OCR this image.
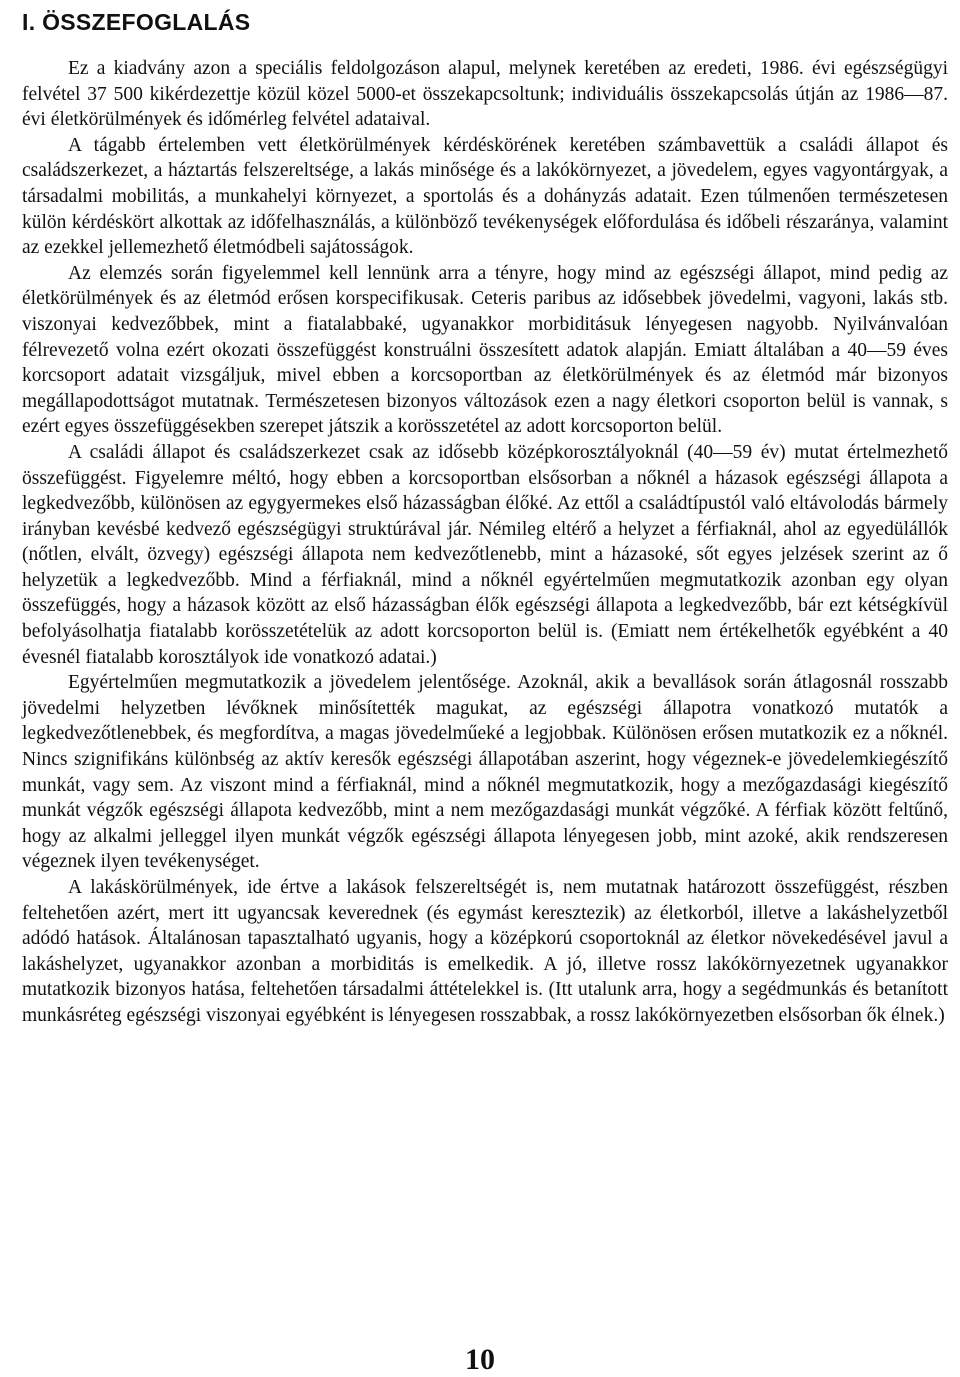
I. ÖSSZEFOGLALÁS

Ez a kiadvány azon a speciális feldolgozáson alapul, melynek keretében az eredeti, 1986. évi egészségügyi felvétel 37 500 kikérdezettje közül közel 5000-et összekapcsoltunk; individuális összekapcsolás útján az 1986—87. évi életkörülmények és időmérleg felvétel adataival.

A tágabb értelemben vett életkörülmények kérdéskörének keretében számbavettük a családi állapot és családszerkezet, a háztartás felszereltsége, a lakás minősége és a lakókörnyezet, a jövedelem, egyes vagyontárgyak, a társadalmi mobilitás, a munkahelyi környezet, a sportolás és a dohányzás adatait. Ezen túlmenően természetesen külön kérdéskört alkottak az időfelhasználás, a különböző tevékenységek előfordulása és időbeli részaránya, valamint az ezekkel jellemezhető életmódbeli sajátosságok.

Az elemzés során figyelemmel kell lennünk arra a tényre, hogy mind az egészségi állapot, mind pedig az életkörülmények és az életmód erősen korspecifikusak. Ceteris paribus az idősebbek jövedelmi, vagyoni, lakás stb. viszonyai kedvezőbbek, mint a fiatalabbaké, ugyanakkor morbiditásuk lényegesen nagyobb. Nyilvánvalóan félrevezető volna ezért okozati összefüggést konstruálni összesített adatok alapján. Emiatt általában a 40—59 éves korcsoport adatait vizsgáljuk, mivel ebben a korcsoportban az életkörülmények és az életmód már bizonyos megállapodottságot mutatnak. Természetesen bizonyos változások ezen a nagy életkori csoporton belül is vannak, s ezért egyes összefüggésekben szerepet játszik a korösszetétel az adott korcsoporton belül.

A családi állapot és családszerkezet csak az idősebb középkorosztályoknál (40—59 év) mutat értelmezhető összefüggést. Figyelemre méltó, hogy ebben a korcsoportban elsősorban a nőknél a házasok egészségi állapota a legkedvezőbb, különösen az egygyermekes első házasságban élőké. Az ettől a családtípustól való eltávolodás bármely irányban kevésbé kedvező egészségügyi struktúrával jár. Némileg eltérő a helyzet a férfiaknál, ahol az egyedülállók (nőtlen, elvált, özvegy) egészségi állapota nem kedvezőtlenebb, mint a házasoké, sőt egyes jelzések szerint az ő helyzetük a legkedvezőbb. Mind a férfiaknál, mind a nőknél egyértelműen megmutatkozik azonban egy olyan összefüggés, hogy a házasok között az első házasságban élők egészségi állapota a legkedvezőbb, bár ezt kétségkívül befolyásolhatja fiatalabb korösszetételük az adott korcsoporton belül is. (Emiatt nem értékelhetők egyébként a 40 évesnél fiatalabb korosztályok ide vonatkozó adatai.)

Egyértelműen megmutatkozik a jövedelem jelentősége. Azoknál, akik a bevallások során átlagosnál rosszabb jövedelmi helyzetben lévőknek minősítették magukat, az egészségi állapotra vonatkozó mutatók a legkedvezőtlenebbek, és megfordítva, a magas jövedelműeké a legjobbak. Különösen erősen mutatkozik ez a nőknél. Nincs szignifikáns különbség az aktív keresők egészségi állapotában aszerint, hogy végeznek-e jövedelemkiegészítő munkát, vagy sem. Az viszont mind a férfiaknál, mind a nőknél megmutatkozik, hogy a mezőgazdasági kiegészítő munkát végzők egészségi állapota kedvezőbb, mint a nem mezőgazdasági munkát végzőké. A férfiak között feltűnő, hogy az alkalmi jelleggel ilyen munkát végzők egészségi állapota lényegesen jobb, mint azoké, akik rendszeresen végeznek ilyen tevékenységet.

A lakáskörülmények, ide értve a lakások felszereltségét is, nem mutatnak határozott összefüggést, részben feltehetően azért, mert itt ugyancsak keverednek (és egymást keresztezik) az életkorból, illetve a lakáshelyzetből adódó hatások. Általánosan tapasztalható ugyanis, hogy a középkorú csoportoknál az életkor növekedésével javul a lakáshelyzet, ugyanakkor azonban a morbiditás is emelkedik. A jó, illetve rossz lakókörnyezetnek ugyanakkor mutatkozik bizonyos hatása, feltehetően társadalmi áttételekkel is. (Itt utalunk arra, hogy a segédmunkás és betanított munkásréteg egészségi viszonyai egyébként is lényegesen rosszabbak, a rossz lakókörnyezetben elsősorban ők élnek.)

10
